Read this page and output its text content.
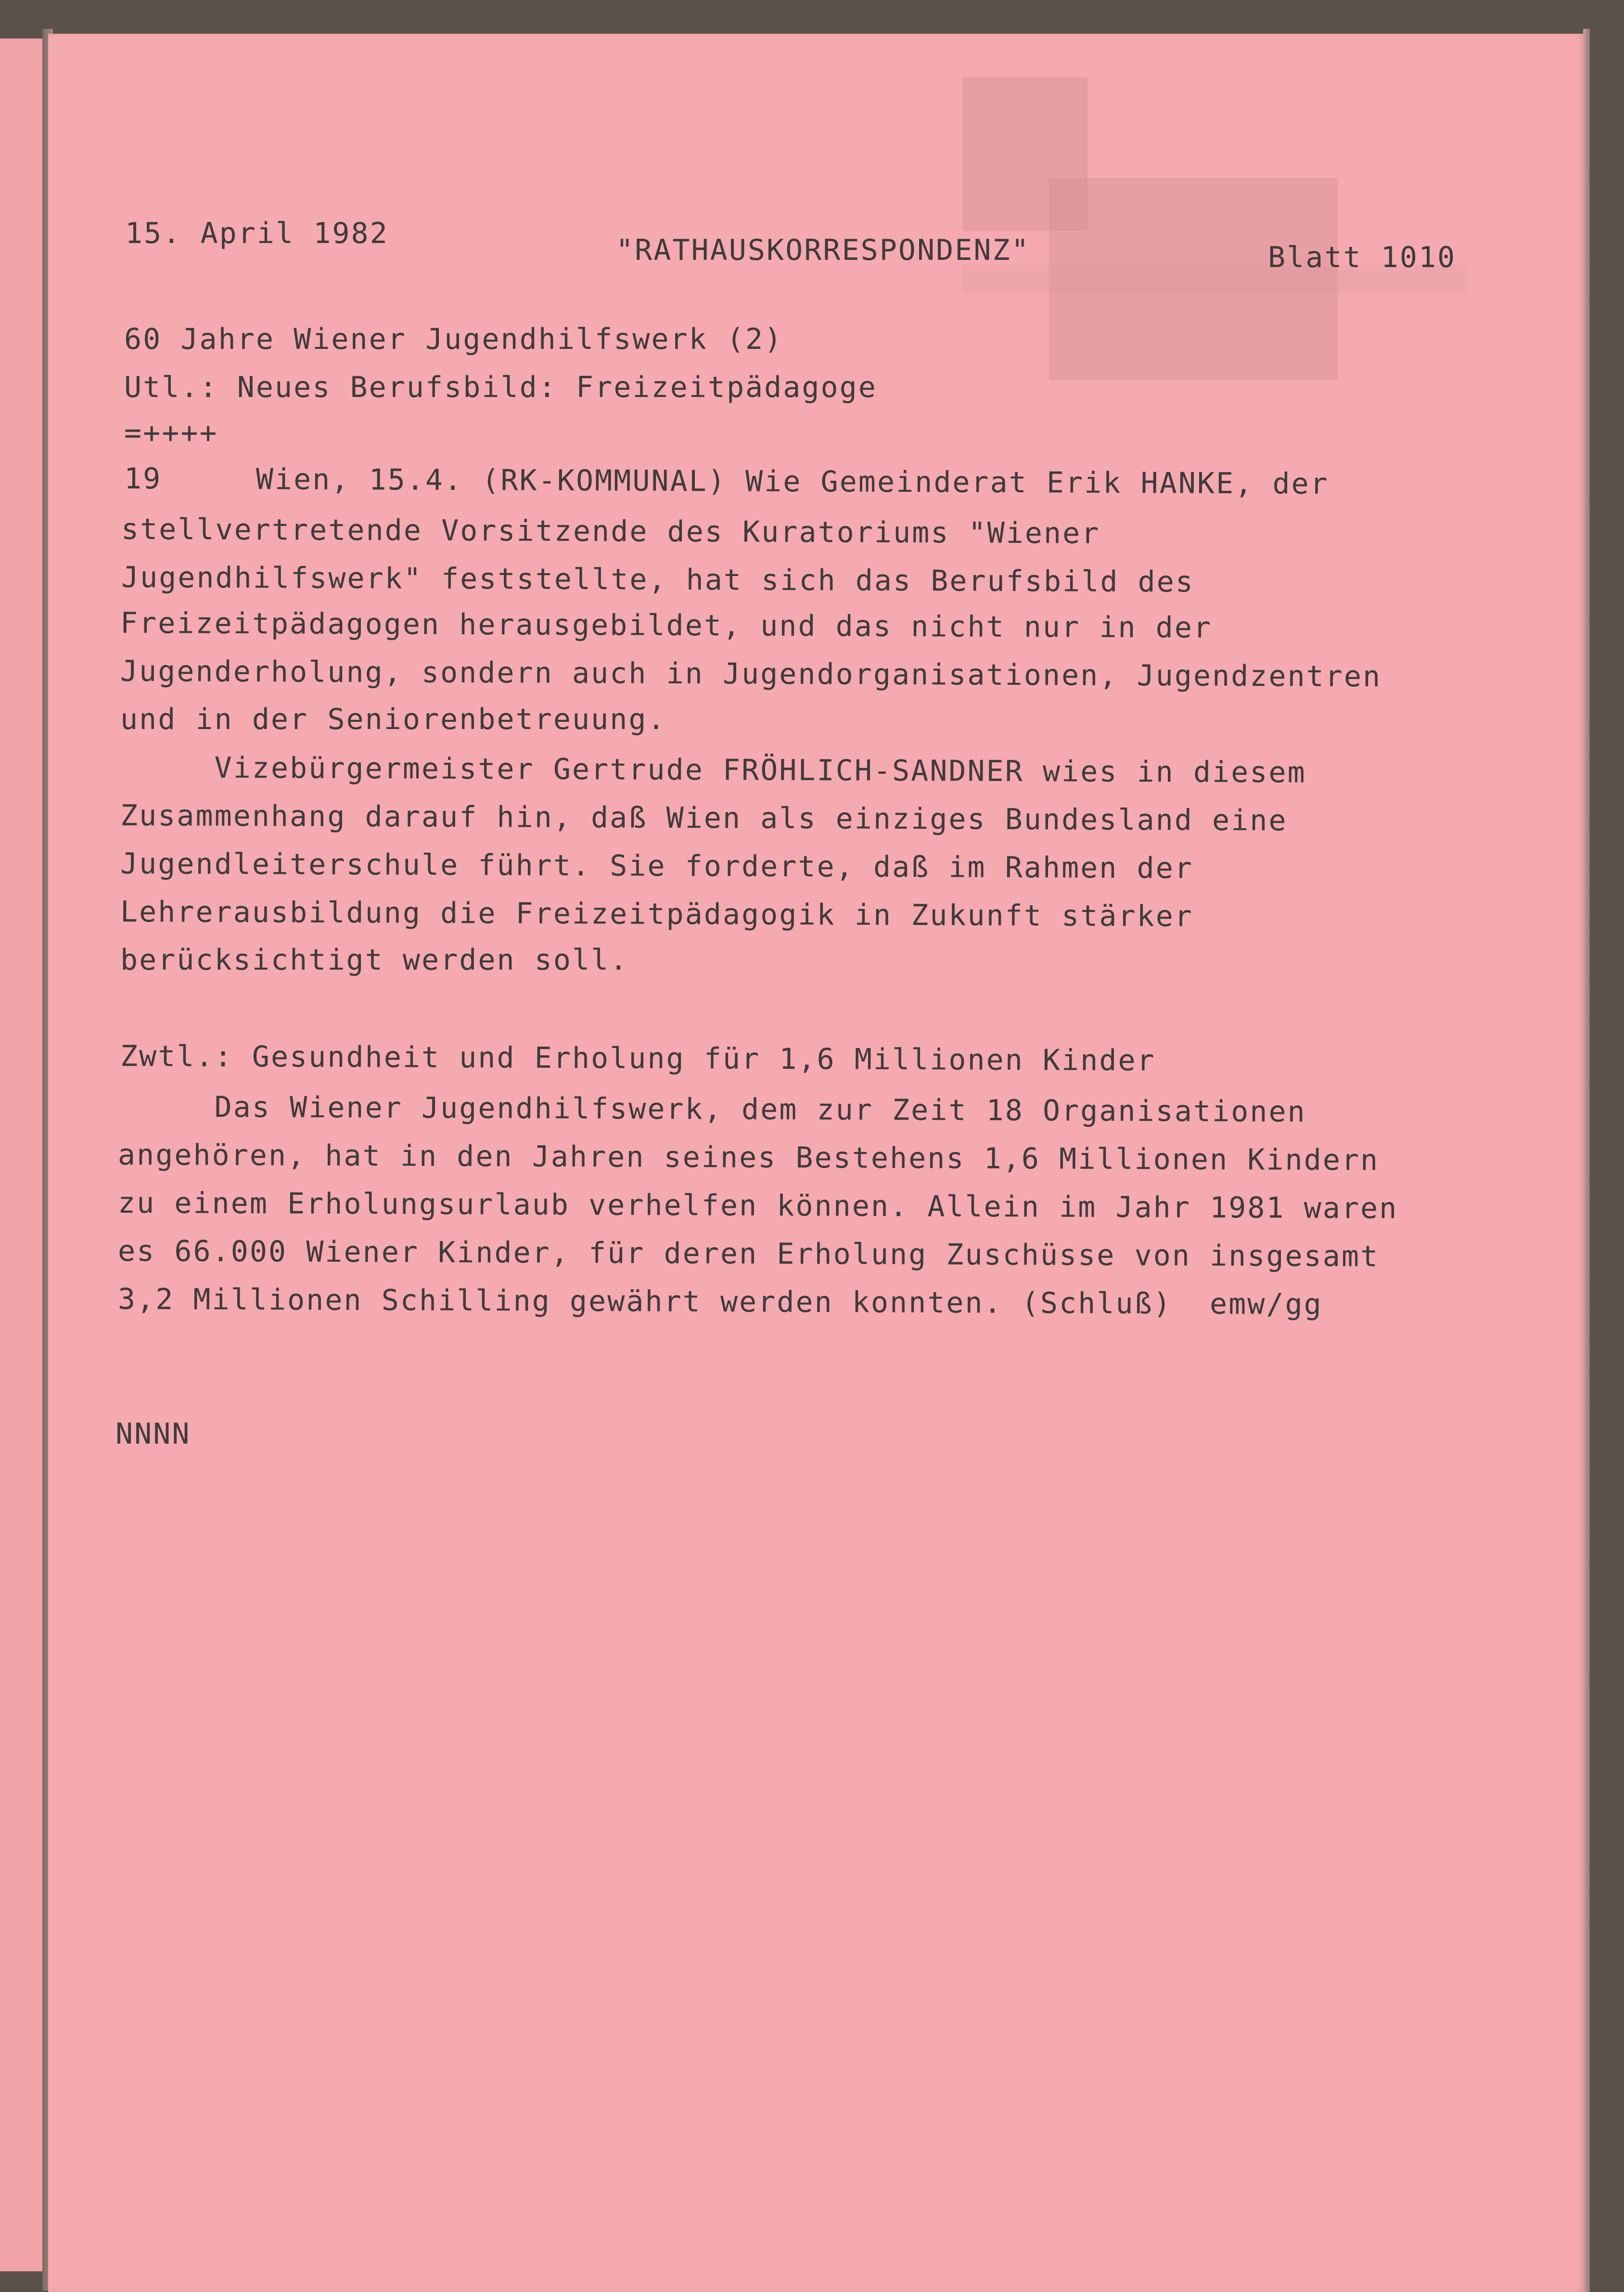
15. April 1982	"RATHAUSKORRESPONDENZ"	Blatt 1010
60 Jahre Wiener Jugendhilfswerk (2)
Utl.: Neues Berufsbild: Freizeitpädagoge
=++++
19     Wien, 15.4. (RK-KOMMUNAL) Wie Gemeinderat Erik HANKE, der
stellvertretende Vorsitzende des Kuratoriums "Wiener
Jugendhilfswerk" feststellte, hat sich das Berufsbild des
Freizeitpädagogen herausgebildet, und das nicht nur in der
Jugenderholung, sondern auch in Jugendorganisationen, Jugendzentren
und in der Seniorenbetreuung.
Vizebürgermeister Gertrude FRÖHLICH-SANDNER wies in diesem
Zusammenhang darauf hin, daß Wien als einziges Bundesland eine
Jugendleiterschule führt. Sie forderte, daß im Rahmen der
Lehrerausbildung die Freizeitpädagogik in Zukunft stärker
berücksichtigt werden soll.
Zwtl.: Gesundheit und Erholung für 1,6 Millionen Kinder
Das Wiener Jugendhilfswerk, dem zur Zeit 18 Organisationen
angehören, hat in den Jahren seines Bestehens 1,6 Millionen Kindern
zu einem Erholungsurlaub verhelfen können. Allein im Jahr 1981 waren
es 66.000 Wiener Kinder, für deren Erholung Zuschüsse von insgesamt
3,2 Millionen Schilling gewährt werden konnten. (Schluß)  emw/gg
NNNN
